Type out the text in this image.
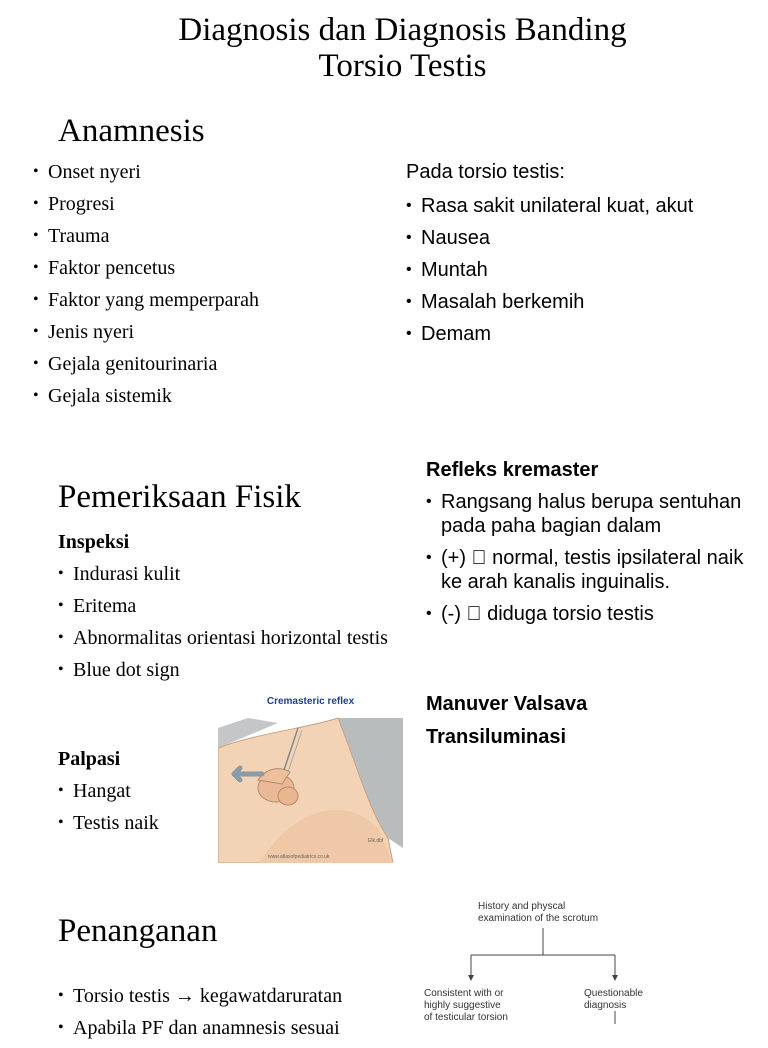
Diagnosis dan Diagnosis Banding
Torsio Testis
Anamnesis
• Onset nyeri
• Progresi
• Trauma
• Faktor pencetus
• Faktor yang memperparah
• Jenis nyeri
• Gejala genitourinaria
• Gejala sistemik
Pada torsio testis:
• Rasa sakit unilateral kuat, akut
• Nausea
• Muntah
• Masalah berkemih
• Demam
Pemeriksaan Fisik
Inspeksi
• Indurasi kulit
• Eritema
• Abnormalitas orientasi horizontal testis
• Blue dot sign
Palpasi
• Hangat
• Testis naik
Cremasteric reflex
www.atlasofpediatrics.co.uk
Elk.dbf
Refleks kremaster
• Rangsang halus berupa sentuhan pada paha bagian dalam
• (+) normal, testis ipsilateral naik ke arah kanalis inguinalis.
• (-) diduga torsio testis
Manuver Valsava
Transiluminasi
Penanganan
• Torsio testis → kegawatdaruratan
• Apabila PF dan anamnesis sesuai
History and physcal
examination of the scrotum
Consistent with or
highly suggestive
of testicular torsion
Questionable
diagnosis
